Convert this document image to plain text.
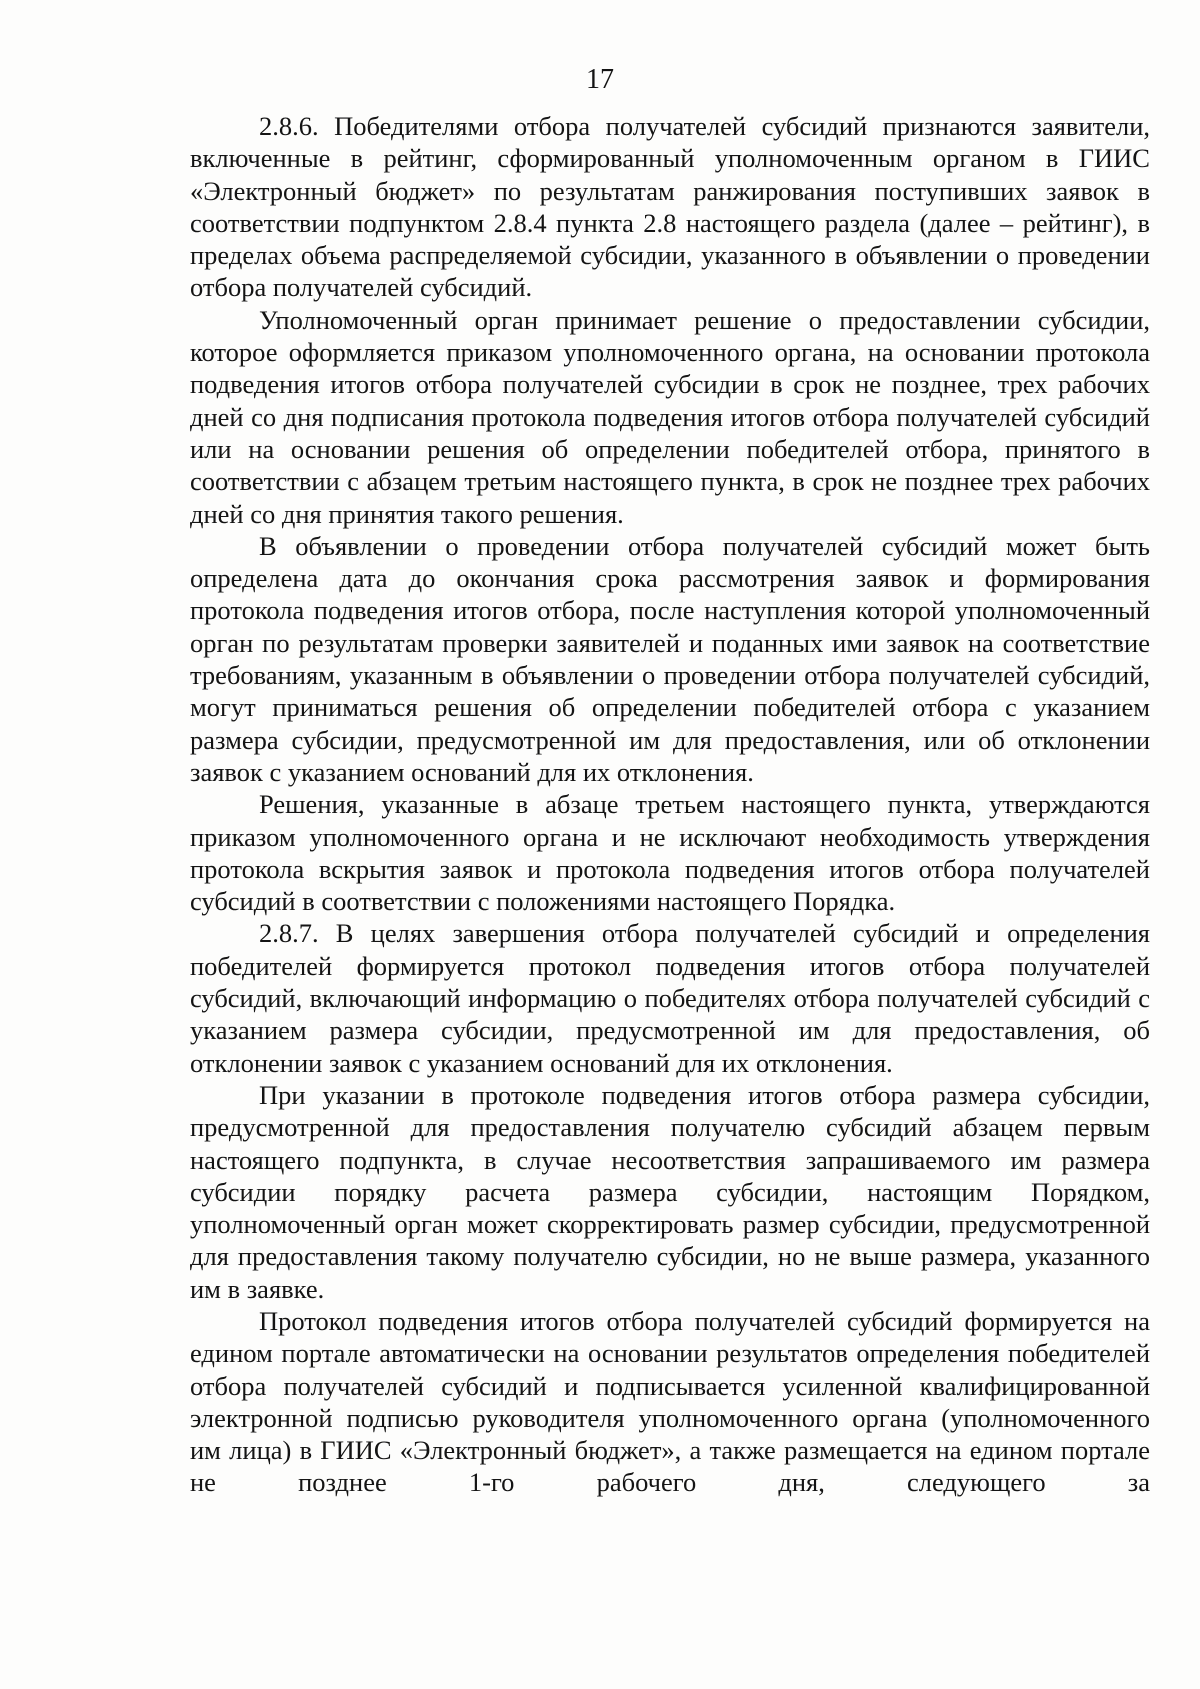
17

2.8.6. Победителями отбора получателей субсидий признаются заявители, включенные в рейтинг, сформированный уполномоченным органом в ГИИС «Электронный бюджет» по результатам ранжирования поступивших заявок в соответствии подпунктом 2.8.4 пункта 2.8 настоящего раздела (далее – рейтинг), в пределах объема распределяемой субсидии, указанного в объявлении о проведении отбора получателей субсидий.

Уполномоченный орган принимает решение о предоставлении субсидии, которое оформляется приказом уполномоченного органа, на основании протокола подведения итогов отбора получателей субсидии в срок не позднее, трех рабочих дней со дня подписания протокола подведения итогов отбора получателей субсидий или на основании решения об определении победителей отбора, принятого в соответствии с абзацем третьим настоящего пункта, в срок не позднее трех рабочих дней со дня принятия такого решения.

В объявлении о проведении отбора получателей субсидий может быть определена дата до окончания срока рассмотрения заявок и формирования протокола подведения итогов отбора, после наступления которой уполномоченный орган по результатам проверки заявителей и поданных ими заявок на соответствие требованиям, указанным в объявлении о проведении отбора получателей субсидий, могут приниматься решения об определении победителей отбора с указанием размера субсидии, предусмотренной им для предоставления, или об отклонении заявок с указанием оснований для их отклонения.

Решения, указанные в абзаце третьем настоящего пункта, утверждаются приказом уполномоченного органа и не исключают необходимость утверждения протокола вскрытия заявок и протокола подведения итогов отбора получателей субсидий в соответствии с положениями настоящего Порядка.

2.8.7. В целях завершения отбора получателей субсидий и определения победителей формируется протокол подведения итогов отбора получателей субсидий, включающий информацию о победителях отбора получателей субсидий с указанием размера субсидии, предусмотренной им для предоставления, об отклонении заявок с указанием оснований для их отклонения.

При указании в протоколе подведения итогов отбора размера субсидии, предусмотренной для предоставления получателю субсидий абзацем первым настоящего подпункта, в случае несоответствия запрашиваемого им размера субсидии порядку расчета размера субсидии, настоящим Порядком, уполномоченный орган может скорректировать размер субсидии, предусмотренной для предоставления такому получателю субсидии, но не выше размера, указанного им в заявке.

Протокол подведения итогов отбора получателей субсидий формируется на едином портале автоматически на основании результатов определения победителей отбора получателей субсидий и подписывается усиленной квалифицированной электронной подписью руководителя уполномоченного органа (уполномоченного им лица) в ГИИС «Электронный бюджет», а также размещается на едином портале не позднее 1-го рабочего дня, следующего за
